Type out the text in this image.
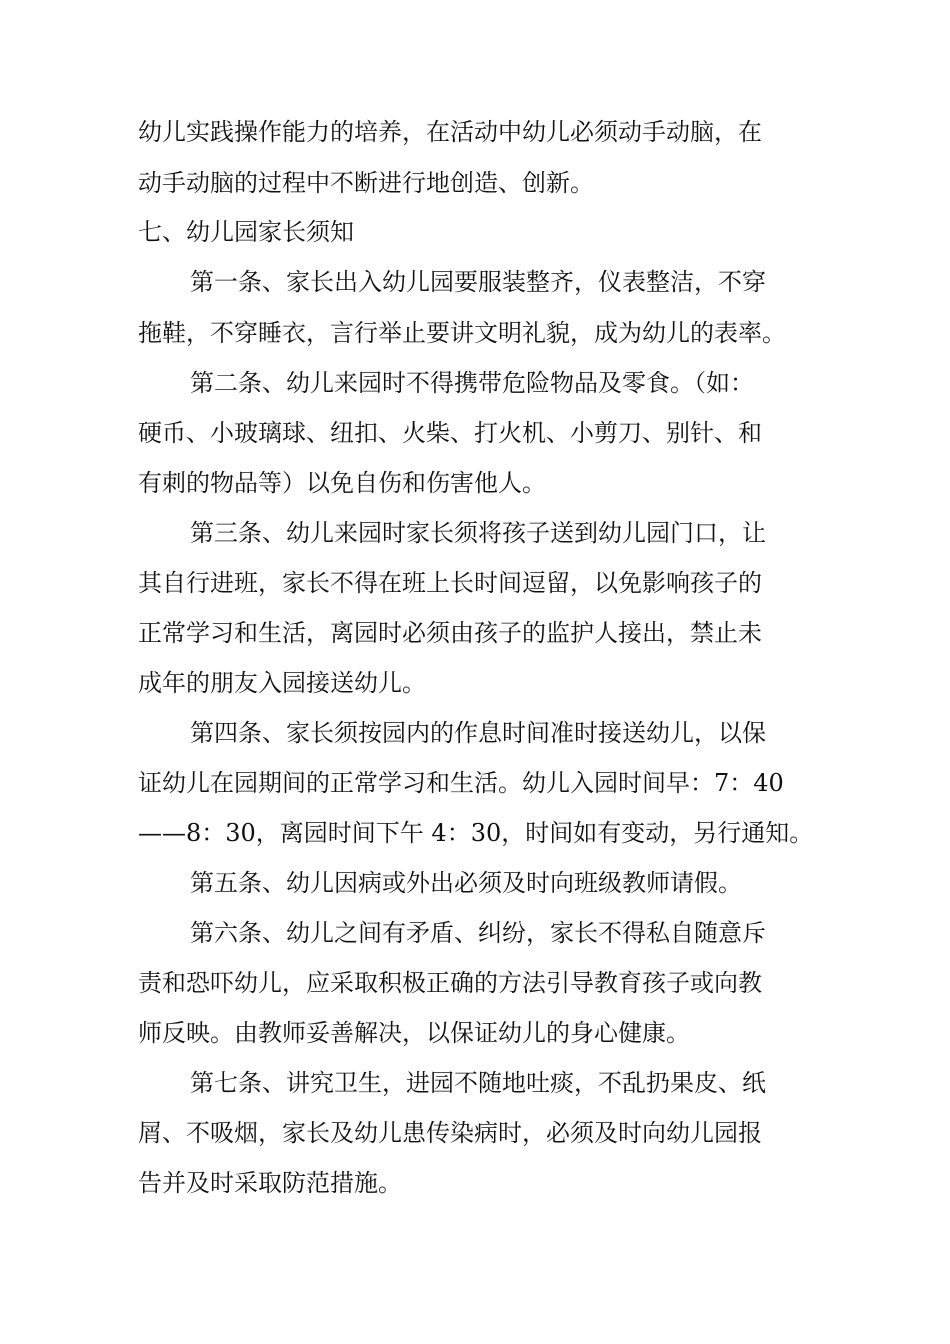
幼儿实践操作能力的培养，在活动中幼儿必须动手动脑，在

动手动脑的过程中不断进行地创造、创新。

七、幼儿园家长须知

第一条、家长出入幼儿园要服装整齐，仪表整洁，不穿

拖鞋，不穿睡衣，言行举止要讲文明礼貌，成为幼儿的表率。

第二条、幼儿来园时不得携带危险物品及零食。（如：

硬币、小玻璃球、纽扣、火柴、打火机、小剪刀、别针、和

有刺的物品等）以免自伤和伤害他人。

第三条、幼儿来园时家长须将孩子送到幼儿园门口，让

其自行进班，家长不得在班上长时间逗留，以免影响孩子的

正常学习和生活，离园时必须由孩子的监护人接出，禁止未

成年的朋友入园接送幼儿。

第四条、家长须按园内的作息时间准时接送幼儿，以保

证幼儿在园期间的正常学习和生活。幼儿入园时间早：7：40

——8：30，离园时间下午 4：30，时间如有变动，另行通知。

第五条、幼儿因病或外出必须及时向班级教师请假。

第六条、幼儿之间有矛盾、纠纷，家长不得私自随意斥

责和恐吓幼儿，应采取积极正确的方法引导教育孩子或向教

师反映。由教师妥善解决，以保证幼儿的身心健康。

第七条、讲究卫生，进园不随地吐痰，不乱扔果皮、纸

屑、不吸烟，家长及幼儿患传染病时，必须及时向幼儿园报

告并及时采取防范措施。
